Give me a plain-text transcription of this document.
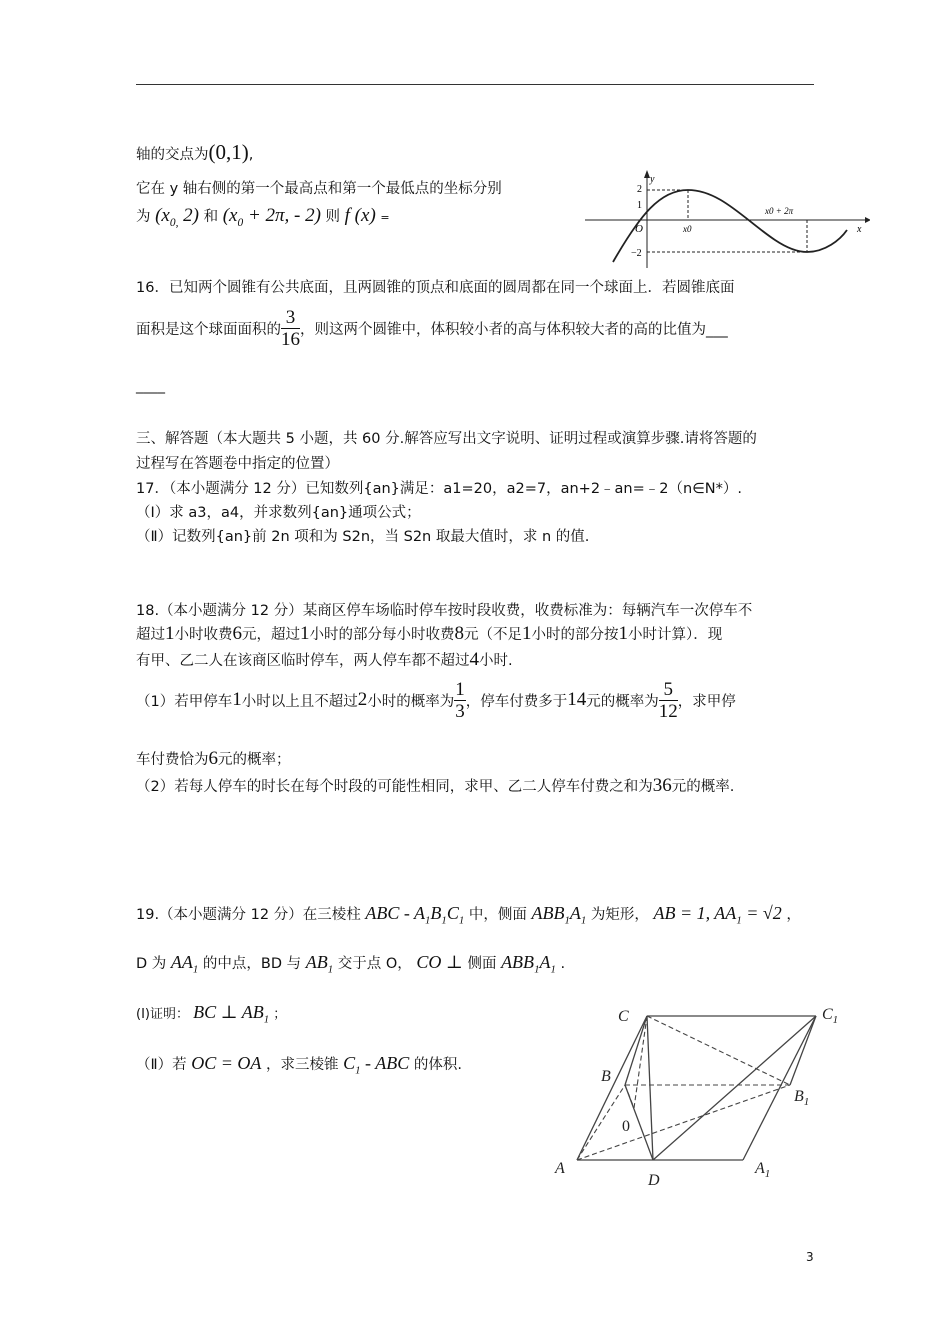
轴的交点为(0,1),
它在 y 轴右侧的第一个最高点和第一个最低点的坐标分别
为 ($x_{0,}$ 2) 和 ($x_0 + 2\pi$, - 2) 则 f (x) =
y
1
2
−2
O	x0
x0 + 2π
x
16．已知两个圆锥有公共底面，且两圆锥的顶点和底面的圆周都在同一个球面上．若圆锥底面
面积是这个球面面积的 $\frac{3}{16}$ ，则这两个圆锥中，体积较小者的高与体积较大者的高的比值为___
____
三、解答题（本大题共 5 小题，共 60 分.解答应写出文字说明、证明过程或演算步骤.请将答题的
过程写在答题卷中指定的位置）
17．（本小题满分 12 分）已知数列{an}满足：a1=20，a2=7，an+2﹣an=﹣2（n∈N*）.
（Ⅰ）求 a3，a4，并求数列{an}通项公式；
（Ⅱ）记数列{an}前 2n 项和为 S2n，当 S2n 取最大值时，求 n 的值.
18.（本小题满分 12 分）某商区停车场临时停车按时段收费，收费标准为：每辆汽车一次停车不
超过1小时收费6元，超过1小时的部分每小时收费8元（不足1小时的部分按1小时计算）．现
有甲、乙二人在该商区临时停车，两人停车都不超过4小时.
（1）若甲停车 1 小时以上且不超过 2 小时的概率为 $\frac{1}{3}$ ，停车付费多于 14 元的概率为 $\frac{5}{12}$ ，求甲停
车付费恰为6元的概率；
（2）若每人停车的时长在每个时段的可能性相同，求甲、乙二人停车付费之和为36元的概率.
19.（本小题满分 12 分）在三棱柱 ABC - $A_1B_1C_1$ 中，侧面 $ABB_1A_1$ 为矩形， AB = 1, $AA_1 = √2$ ，
D 为 $AA_1$ 的中点，BD 与 $AB_1$ 交于点 O， CO ⊥ 侧面 $ABB_1A_1$ .
(Ⅰ)证明： BC ⊥ $AB_1$ ；
（Ⅱ）若 OC = OA ，求三棱锥 $C_1$ - ABC 的体积.
C	$C_1$
B
$B_1$
0
A
D
$A_1$
3
